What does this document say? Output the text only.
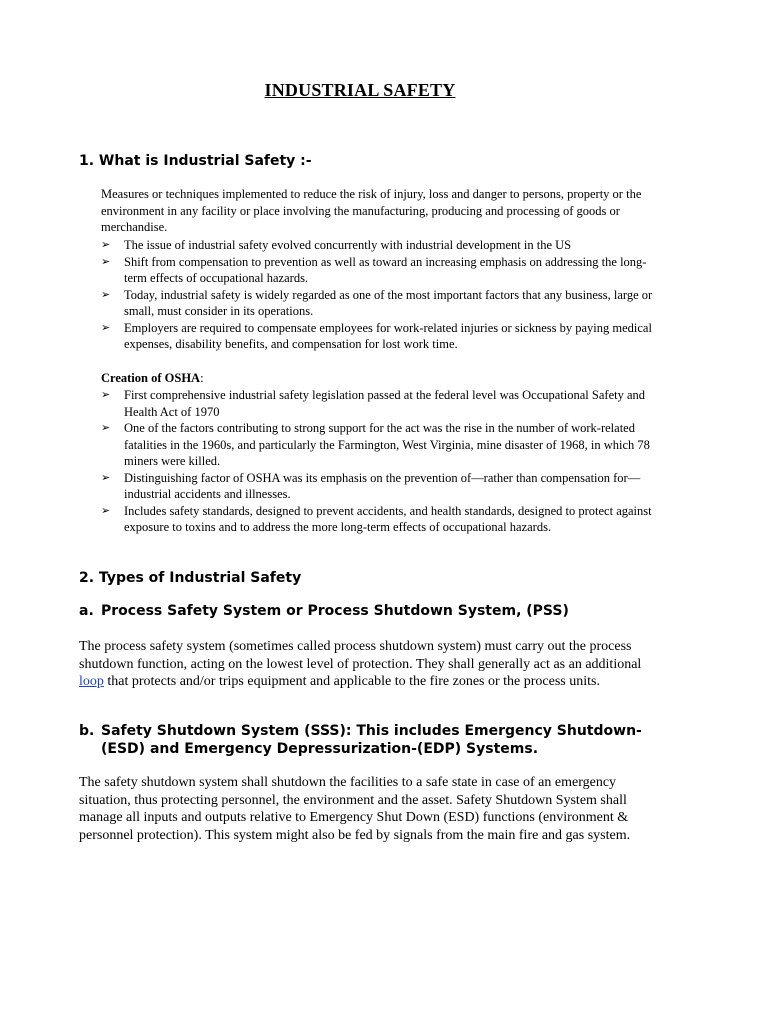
INDUSTRIAL SAFETY
1. What is Industrial Safety :-
Measures or techniques implemented to reduce the risk of injury, loss and danger to persons, property or the environment in any facility or place involving the manufacturing, producing and processing of goods or merchandise.
➢ The issue of industrial safety evolved concurrently with industrial development in the US
➢ Shift from compensation to prevention as well as toward an increasing emphasis on addressing the long-term effects of occupational hazards.
➢ Today, industrial safety is widely regarded as one of the most important factors that any business, large or small, must consider in its operations.
➢ Employers are required to compensate employees for work-related injuries or sickness by paying medical expenses, disability benefits, and compensation for lost work time.
Creation of OSHA:
➢ First comprehensive industrial safety legislation passed at the federal level was Occupational Safety and Health Act of 1970
➢ One of the factors contributing to strong support for the act was the rise in the number of work-related fatalities in the 1960s, and particularly the Farmington, West Virginia, mine disaster of 1968, in which 78 miners were killed.
➢ Distinguishing factor of OSHA was its emphasis on the prevention of—rather than compensation for—industrial accidents and illnesses.
➢ Includes safety standards, designed to prevent accidents, and health standards, designed to protect against exposure to toxins and to address the more long-term effects of occupational hazards.
2. Types of Industrial Safety
a. Process Safety System or Process Shutdown System, (PSS)
The process safety system (sometimes called process shutdown system) must carry out the process shutdown function, acting on the lowest level of protection. They shall generally act as an additional loop that protects and/or trips equipment and applicable to the fire zones or the process units.
b. Safety Shutdown System (SSS): This includes Emergency Shutdown-(ESD) and Emergency Depressurization-(EDP) Systems.
The safety shutdown system shall shutdown the facilities to a safe state in case of an emergency situation, thus protecting personnel, the environment and the asset. Safety Shutdown System shall manage all inputs and outputs relative to Emergency Shut Down (ESD) functions (environment & personnel protection). This system might also be fed by signals from the main fire and gas system.
